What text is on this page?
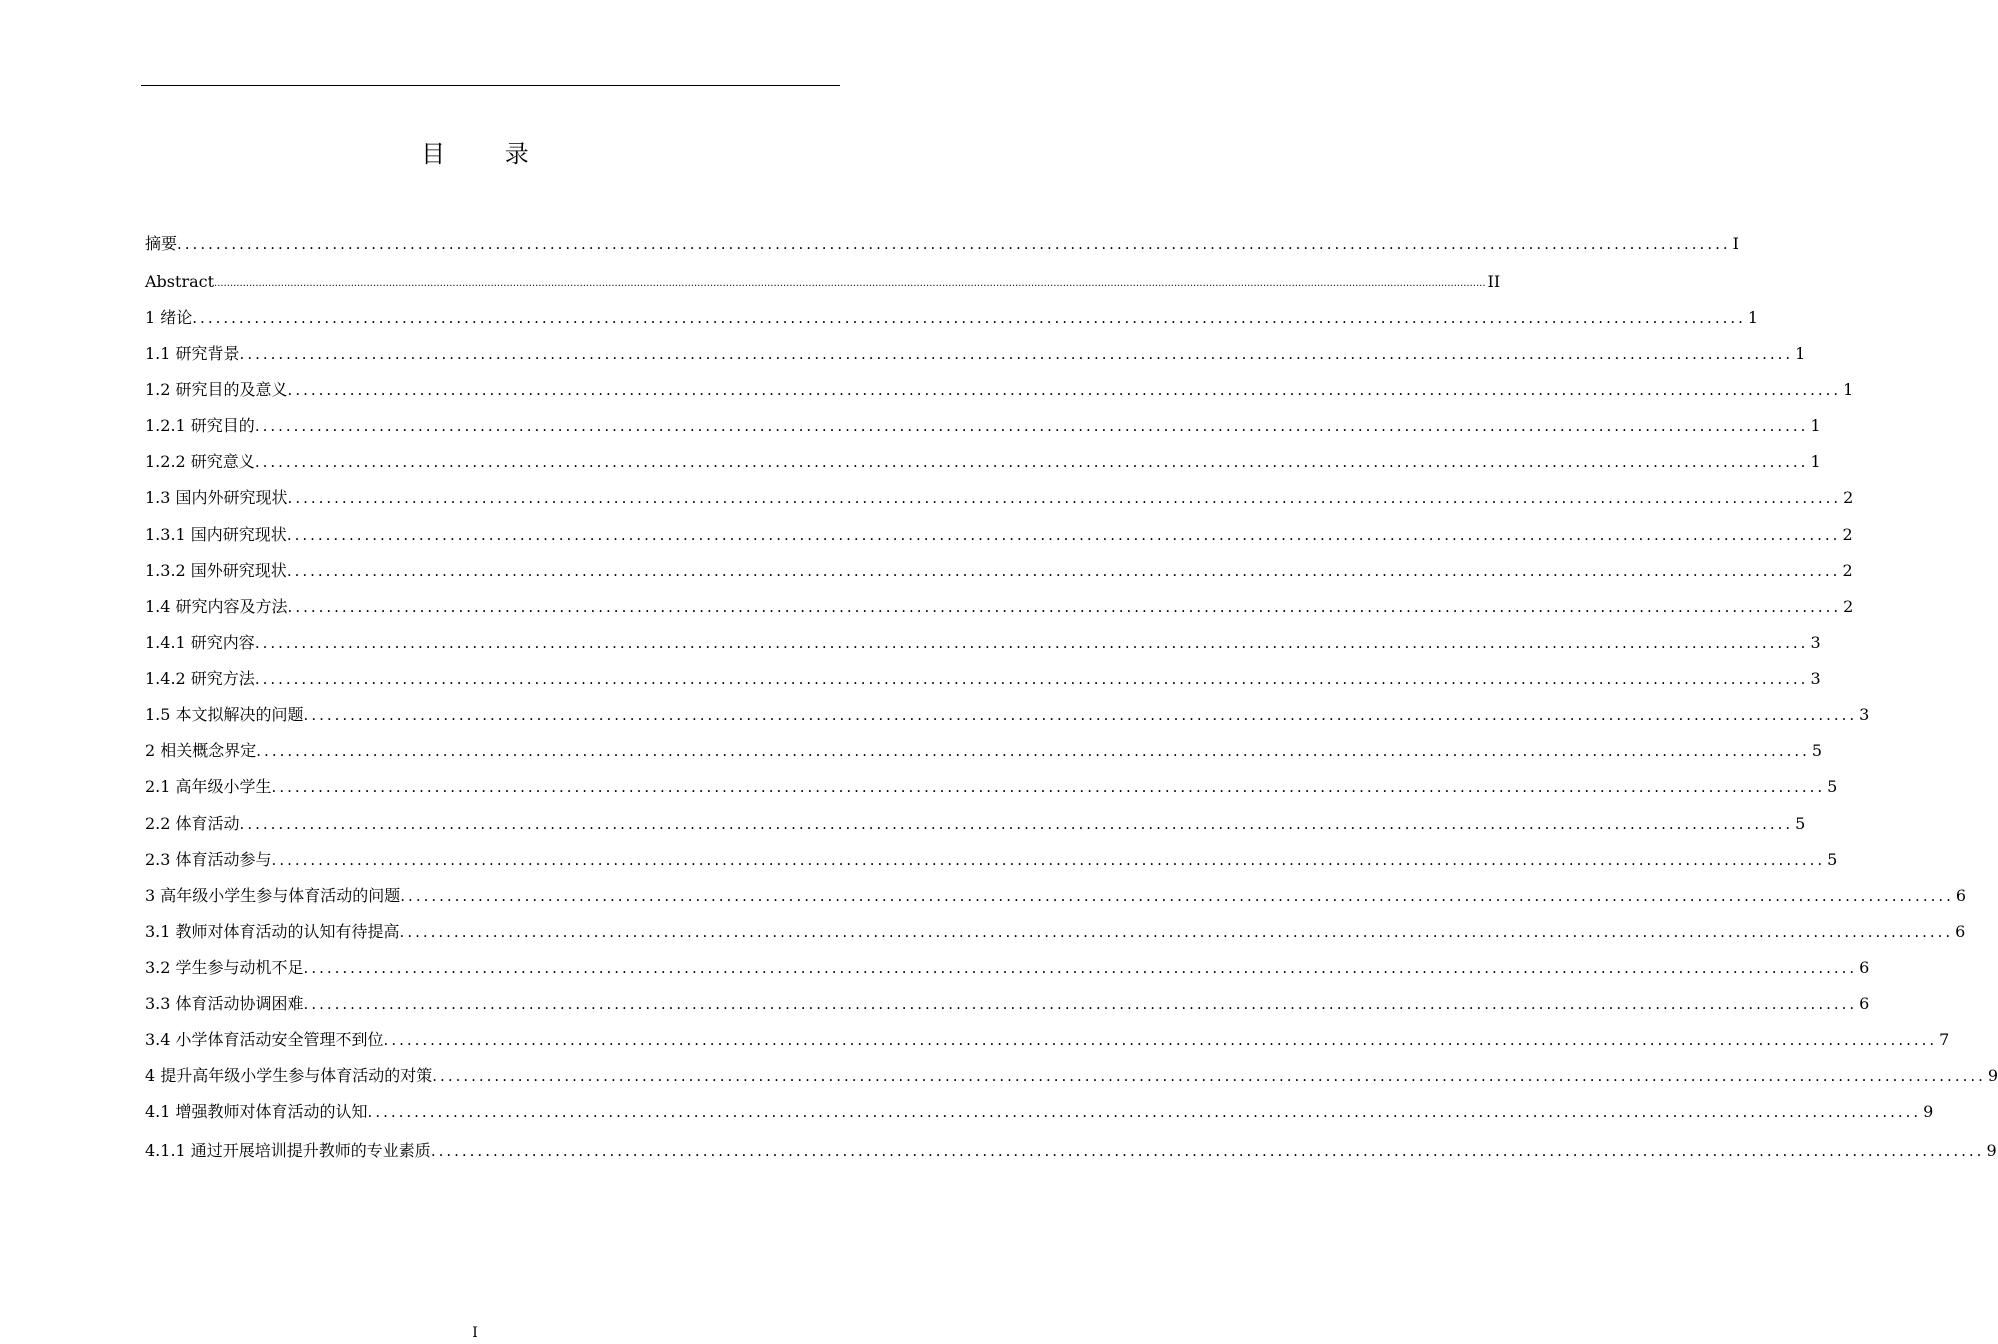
目 录
摘要 ........................................................................................................................................................................................................ I
Abstract ................................................................................................................................................................................................................................................................................................................................................................................................................ II
1 绪论 ........................................................................................................................................................................................................ 1
1.1 研究背景 ........................................................................................................................................................................................................ 1
1.2 研究目的及意义 ........................................................................................................................................................................................................ 1
1.2.1 研究目的 ........................................................................................................................................................................................................ 1
1.2.2 研究意义 ........................................................................................................................................................................................................ 1
1.3 国内外研究现状 ........................................................................................................................................................................................................ 2
1.3.1 国内研究现状 ........................................................................................................................................................................................................ 2
1.3.2 国外研究现状 ........................................................................................................................................................................................................ 2
1.4 研究内容及方法 ........................................................................................................................................................................................................ 2
1.4.1 研究内容 ........................................................................................................................................................................................................ 3
1.4.2 研究方法 ........................................................................................................................................................................................................ 3
1.5 本文拟解决的问题 ........................................................................................................................................................................................................ 3
2 相关概念界定 ........................................................................................................................................................................................................ 5
2.1 高年级小学生 ........................................................................................................................................................................................................ 5
2.2 体育活动 ........................................................................................................................................................................................................ 5
2.3 体育活动参与 ........................................................................................................................................................................................................ 5
3 高年级小学生参与体育活动的问题 ........................................................................................................................................................................................................ 6
3.1 教师对体育活动的认知有待提高 ........................................................................................................................................................................................................ 6
3.2 学生参与动机不足 ........................................................................................................................................................................................................ 6
3.3 体育活动协调困难 ........................................................................................................................................................................................................ 6
3.4 小学体育活动安全管理不到位 ........................................................................................................................................................................................................ 7
4 提升高年级小学生参与体育活动的对策 ........................................................................................................................................................................................................ 9
4.1 增强教师对体育活动的认知 ........................................................................................................................................................................................................ 9
4.1.1 通过开展培训提升教师的专业素质 ........................................................................................................................................................................................................ 9
I
